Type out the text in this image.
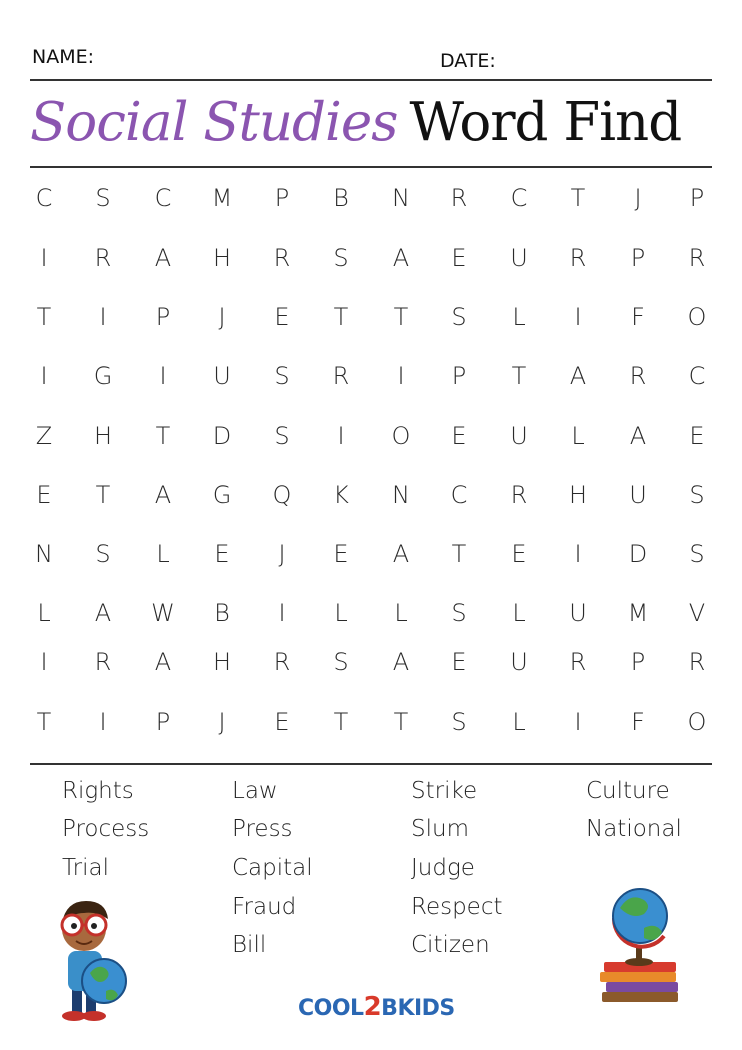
NAME:	DATE:
Social Studies Word Find
C	S	C	M	P	B	N	R	C	T	J	P
I	R	A	H	R	S	A	E	U	R	P	R
T	I	P	J	E	T	T	S	L	I	F	O
I	G	I	U	S	R	I	P	T	A	R	C
Z	H	T	D	S	I	O	E	U	L	A	E
E	T	A	G	Q	K	N	C	R	H	U	S
N	S	L	E	J	E	A	T	E	I	D	S
L	A	W	B	I	L	L	S	L	U	M	V
I	R	A	H	R	S	A	E	U	R	P	R
T	I	P	J	E	T	T	S	L	I	F	O
Rights
Process
Trial
Law
Press
Capital
Fraud
Bill
Strike
Slum
Judge
Respect
Citizen
Culture
National
COOL2BKIDS
